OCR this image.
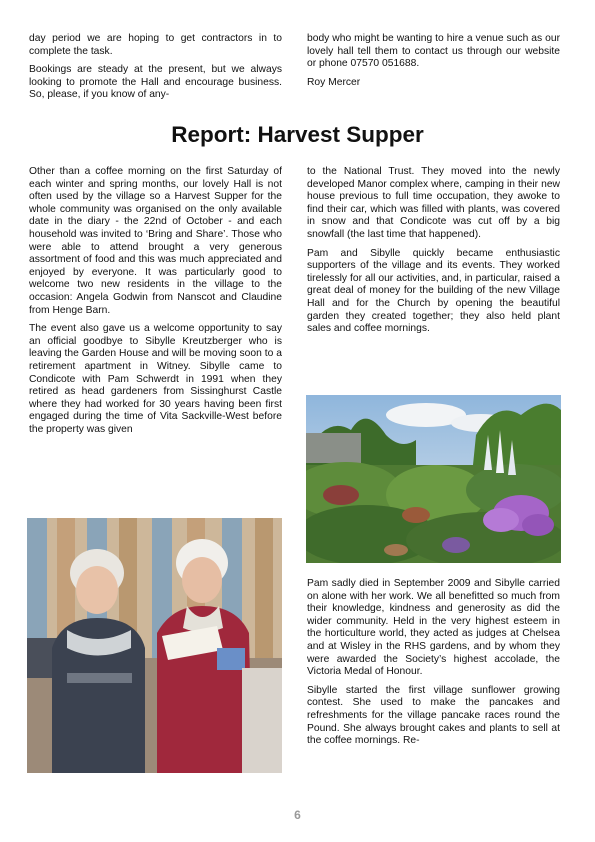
day period we are hoping to get contractors in to complete the task.

Bookings are steady at the present, but we always looking to promote the Hall and encourage business. So, please, if you know of any-

body who might be wanting to hire a venue such as our lovely hall tell them to contact us through our website or phone 07570 051688.

Roy Mercer

Report: Harvest Supper

Other than a coffee morning on the first Saturday of each winter and spring months, our lovely Hall is not often used by the village so a Harvest Supper for the whole community was organised on the only available date in the diary - the 22nd of October - and each household was invited to ‘Bring and Share’. Those who were able to attend brought a very generous assortment of food and this was much appreciated and enjoyed by everyone. It was particularly good to welcome two new residents in the village to the occasion: Angela Godwin from Nanscot and Claudine from Henge Barn.

The event also gave us a welcome opportunity to say an official goodbye to Sibylle Kreutzberger who is leaving the Garden House and will be moving soon to a retirement apartment in Witney. Sibylle came to Condicote with Pam Schwerdt in 1991 when they retired as head gardeners from Sissinghurst Castle where they had worked for 30 years having been first engaged during the time of Vita Sackville-West before the property was given

to the National Trust. They moved into the newly developed Manor complex where, camping in their new house previous to full time occupation, they awoke to find their car, which was filled with plants, was covered in snow and that Condicote was cut off by a big snowfall (the last time that happened).

Pam and Sibylle quickly became enthusiastic supporters of the village and its events. They worked tirelessly for all our activities, and, in particular, raised a great deal of money for the building of the new Village Hall and for the Church by opening the beautiful garden they created together; they also held plant sales and coffee mornings.

Pam sadly died in September 2009 and Sibylle carried on alone with her work. We all benefitted so much from their knowledge, kindness and generosity as did the wider community. Held in the very highest esteem in the horticulture world, they acted as judges at Chelsea and at Wisley in the RHS gardens, and by whom they were awarded the Society’s highest accolade, the Victoria Medal of Honour.

Sibylle started the first village sunflower growing contest. She used to make the pancakes and refreshments for the village pancake races round the Pound. She always brought cakes and plants to sell at the coffee mornings. Re-

6
